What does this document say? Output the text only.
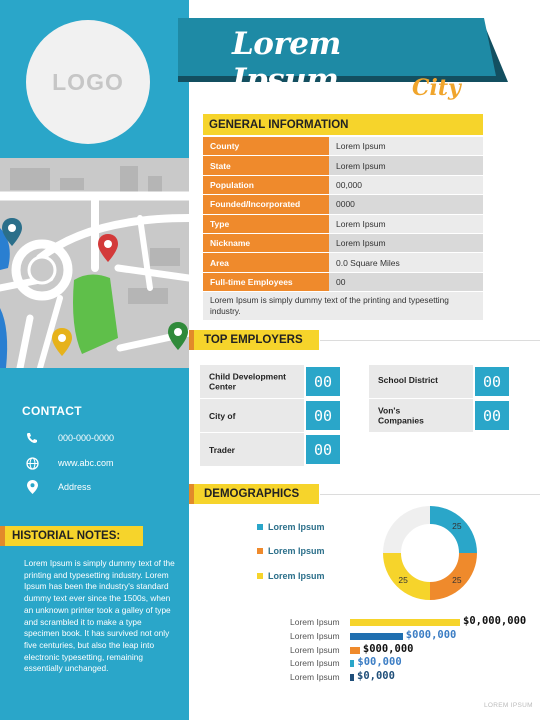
LOGO
CONTACT
000-000-0000
www.abc.com
Address
HISTORIAL NOTES:
Lorem Ipsum is simply dummy text of the printing and typesetting industry. Lorem Ipsum has been the industry's standard dummy text ever since the 1500s, when an unknown printer took a galley of type and scrambled it to make a type specimen book. It has survived not only five centuries, but also the leap into electronic typesetting, remaining essentially unchanged.
Lorem Ipsum	City
GENERAL INFORMATION
County	Lorem Ipsum
State	Lorem Ipsum
Population	00,000
Founded/Incorporated	0000
Type	Lorem Ipsum
Nickname	Lorem Ipsum
Area	0.0 Square Miles
Full-time Employees	00
Lorem Ipsum is simply dummy text of the printing and typesetting industry.
TOP EMPLOYERS
Child Development Center	00	School District	00
City of	00	Von's Companies	00
Trader	00
DEMOGRAPHICS
Lorem Ipsum
Lorem Ipsum
Lorem Ipsum
25
25
25
Lorem Ipsum	$0,000,000
Lorem Ipsum	$000,000
Lorem Ipsum $000,000
Lorem Ipsum $00,000
Lorem Ipsum $0,000
LOREM IPSUM
